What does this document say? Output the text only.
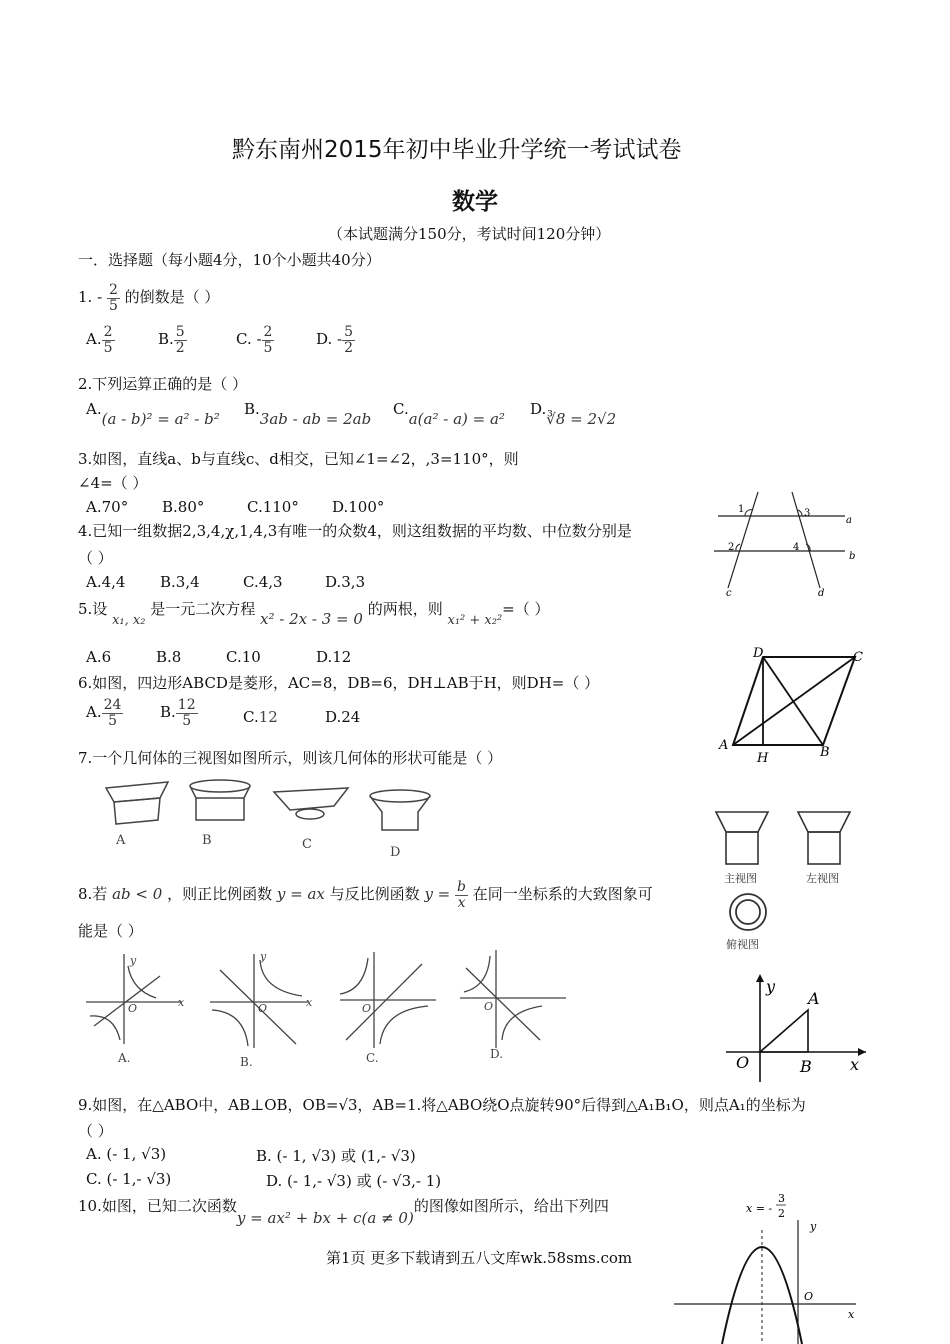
黔东南州2015年初中毕业升学统一考试试卷
数学
（本试题满分150分，考试时间120分钟）
一．选择题（每小题4分，10个小题共40分）
1. - $\frac{2}{5}$ 的倒数是（ ）
A. $\frac{2}{5}$	B. $\frac{5}{2}$	C. - $\frac{2}{5}$	D. - $\frac{5}{2}$
2.下列运算正确的是（ ）
A.(a - b)² = a² - b²
B.3ab - ab = 2ab
C.a(a² - a) = a²
D.∛8 = 2√2
3.如图，直线a、b与直线c、d相交，已知∠1=∠2，,3=110°，则
∠4=（ ）
A.70° B.80°	C.110° D.100°	1	3
2	4
a
b
c	d
4.已知一组数据2,3,4,χ,1,4,3有唯一的众数4，则这组数据的平均数、中位数分别是
（ ）
A.4,4 B.3,4	C.4,3	D.3,3
5.设 x₁, x₂ 是一元二次方程 x² - 2x - 3 = 0 的两根，则 x₁² + x₂²=（ ）
A.6	B.8	C.10	D.12
6.如图，四边形ABCD是菱形，AC=8，DB=6，DH⊥AB于H，则DH=（ ）
A. $\frac{24}{5} B$. $\frac{12}{5}$	C.12	D.24
D	C
A
H	B
7.一个几何体的三视图如图所示，则该几何体的形状可能是（ ）
A	B	C
D
主视图	左视图
俯视图
8.若 ab < 0 ，则正比例函数 y = ax 与反比例函数 $y = \frac{b}{x}$ 在同一坐标系的大致图象可
能是（ ）
O	O	O	O
x	x
y	y
A.	B.	C.	D.
y
A
O	B x
9.如图，在△ABO中，AB⊥OB，OB=√3，AB=1.将△ABO绕O点旋转90°后得到△A₁B₁O，则点A₁的坐标为
（ ）
A. (- 1, √3)	B. (- 1, √3) 或 (1,- √3)
C. (- 1,- √3)	D. (- 1,- √3) 或 (- √3,- 1)
10.如图，已知二次函数y = ax² + bx + c(a ≠ 0)的图像如图所示，给出下列四	x = -
3
2
y
O
x
第1页 更多下载请到五八文库wk.58sms.com
